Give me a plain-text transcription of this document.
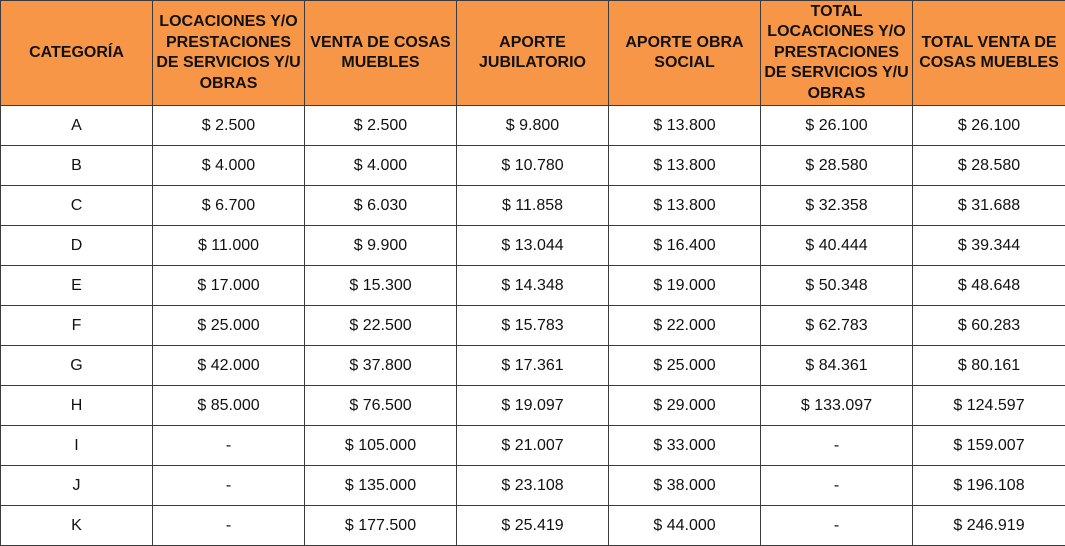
CATEGORÍA	LOCACIONES Y/O PRESTACIONES DE SERVICIOS Y/U OBRAS	VENTA DE COSAS MUEBLES	APORTE JUBILATORIO	APORTE OBRA SOCIAL	TOTAL LOCACIONES Y/O PRESTACIONES DE SERVICIOS Y/U OBRAS	TOTAL VENTA DE COSAS MUEBLES
A	$ 2.500	$ 2.500	$ 9.800	$ 13.800	$ 26.100	$ 26.100
B	$ 4.000	$ 4.000	$ 10.780	$ 13.800	$ 28.580	$ 28.580
C	$ 6.700	$ 6.030	$ 11.858	$ 13.800	$ 32.358	$ 31.688
D	$ 11.000	$ 9.900	$ 13.044	$ 16.400	$ 40.444	$ 39.344
E	$ 17.000	$ 15.300	$ 14.348	$ 19.000	$ 50.348	$ 48.648
F	$ 25.000	$ 22.500	$ 15.783	$ 22.000	$ 62.783	$ 60.283
G	$ 42.000	$ 37.800	$ 17.361	$ 25.000	$ 84.361	$ 80.161
H	$ 85.000	$ 76.500	$ 19.097	$ 29.000	$ 133.097	$ 124.597
I	-	$ 105.000	$ 21.007	$ 33.000	-	$ 159.007
J	-	$ 135.000	$ 23.108	$ 38.000	-	$ 196.108
K	-	$ 177.500	$ 25.419	$ 44.000	-	$ 246.919
